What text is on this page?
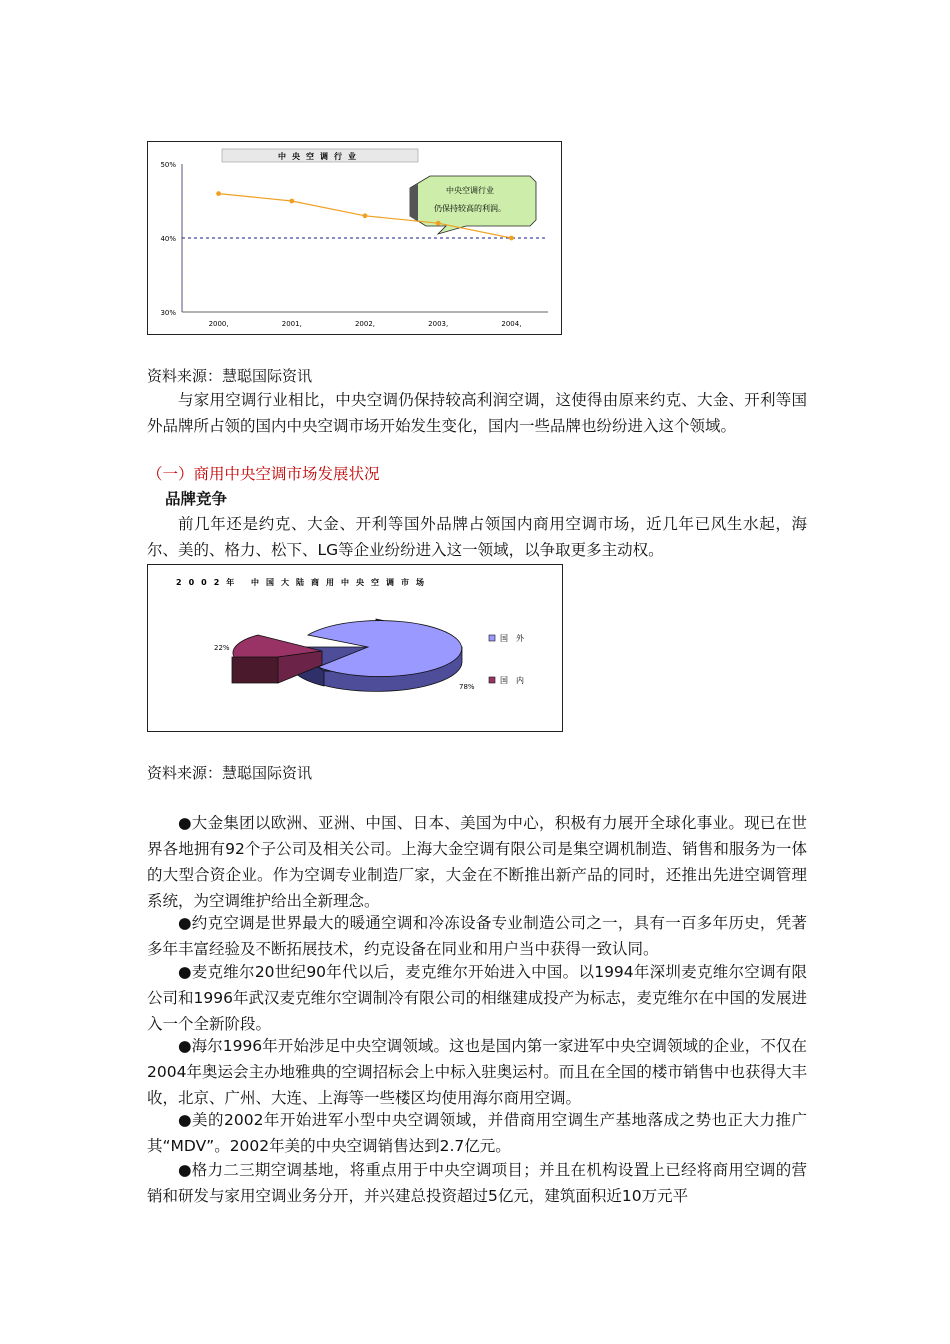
中央空调行业
50%
40%
30%
中央空调行业
仍保持较高的利润。
2000,	2001,	2002,	2003,	2004,

资料来源：慧聪国际资讯

与家用空调行业相比，中央空调仍保持较高利润空调，这使得由原来约克、大金、开利等国外品牌所占领的国内中央空调市场开始发生变化，国内一些品牌也纷纷进入这个领域。

（一）商用中央空调市场发展状况

品牌竞争

前几年还是约克、大金、开利等国外品牌占领国内商用空调市场，近几年已风生水起，海尔、美的、格力、松下、LG等企业纷纷进入这一领域，以争取更多主动权。

2002年 中国大陆商用中央空调市场
22%
78%
国外
国内

资料来源：慧聪国际资讯

●大金集团以欧洲、亚洲、中国、日本、美国为中心，积极有力展开全球化事业。现已在世界各地拥有92个子公司及相关公司。上海大金空调有限公司是集空调机制造、销售和服务为一体的大型合资企业。作为空调专业制造厂家，大金在不断推出新产品的同时，还推出先进空调管理系统，为空调维护给出全新理念。

●约克空调是世界最大的暖通空调和冷冻设备专业制造公司之一，具有一百多年历史，凭著多年丰富经验及不断拓展技术，约克设备在同业和用户当中获得一致认同。

●麦克维尔20世纪90年代以后，麦克维尔开始进入中国。以1994年深圳麦克维尔空调有限公司和1996年武汉麦克维尔空调制冷有限公司的相继建成投产为标志，麦克维尔在中国的发展进入一个全新阶段。

●海尔1996年开始涉足中央空调领域。这也是国内第一家进军中央空调领域的企业，不仅在2004年奥运会主办地雅典的空调招标会上中标入驻奥运村。而且在全国的楼市销售中也获得大丰收，北京、广州、大连、上海等一些楼区均使用海尔商用空调。

●美的2002年开始进军小型中央空调领域，并借商用空调生产基地落成之势也正大力推广其“MDV”。2002年美的中央空调销售达到2.7亿元。

●格力二三期空调基地，将重点用于中央空调项目；并且在机构设置上已经将商用空调的营销和研发与家用空调业务分开，并兴建总投资超过5亿元，建筑面积近10万元平
